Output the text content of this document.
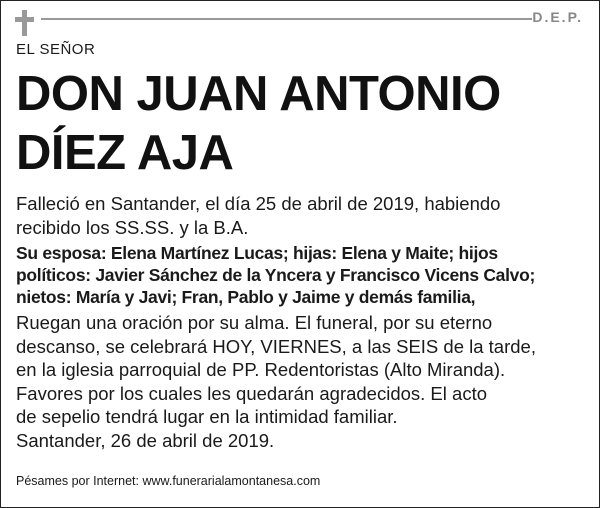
D.E.P.
EL SEÑOR
DON JUAN ANTONIO
DÍEZ AJA

Falleció en Santander, el día 25 de abril de 2019, habiendo
recibido los SS.SS. y la B.A.

Su esposa: Elena Martínez Lucas; hijas: Elena y Maite; hijos
políticos: Javier Sánchez de la Yncera y Francisco Vicens Calvo;
nietos: María y Javi; Fran, Pablo y Jaime y demás familia,

Ruegan una oración por su alma. El funeral, por su eterno
descanso, se celebrará HOY, VIERNES, a las SEIS de la tarde,
en la iglesia parroquial de PP. Redentoristas (Alto Miranda).
Favores por los cuales les quedarán agradecidos. El acto
de sepelio tendrá lugar en la intimidad familiar.

Santander, 26 de abril de 2019.

Pésames por Internet: www.funerarialamontanesa.com
